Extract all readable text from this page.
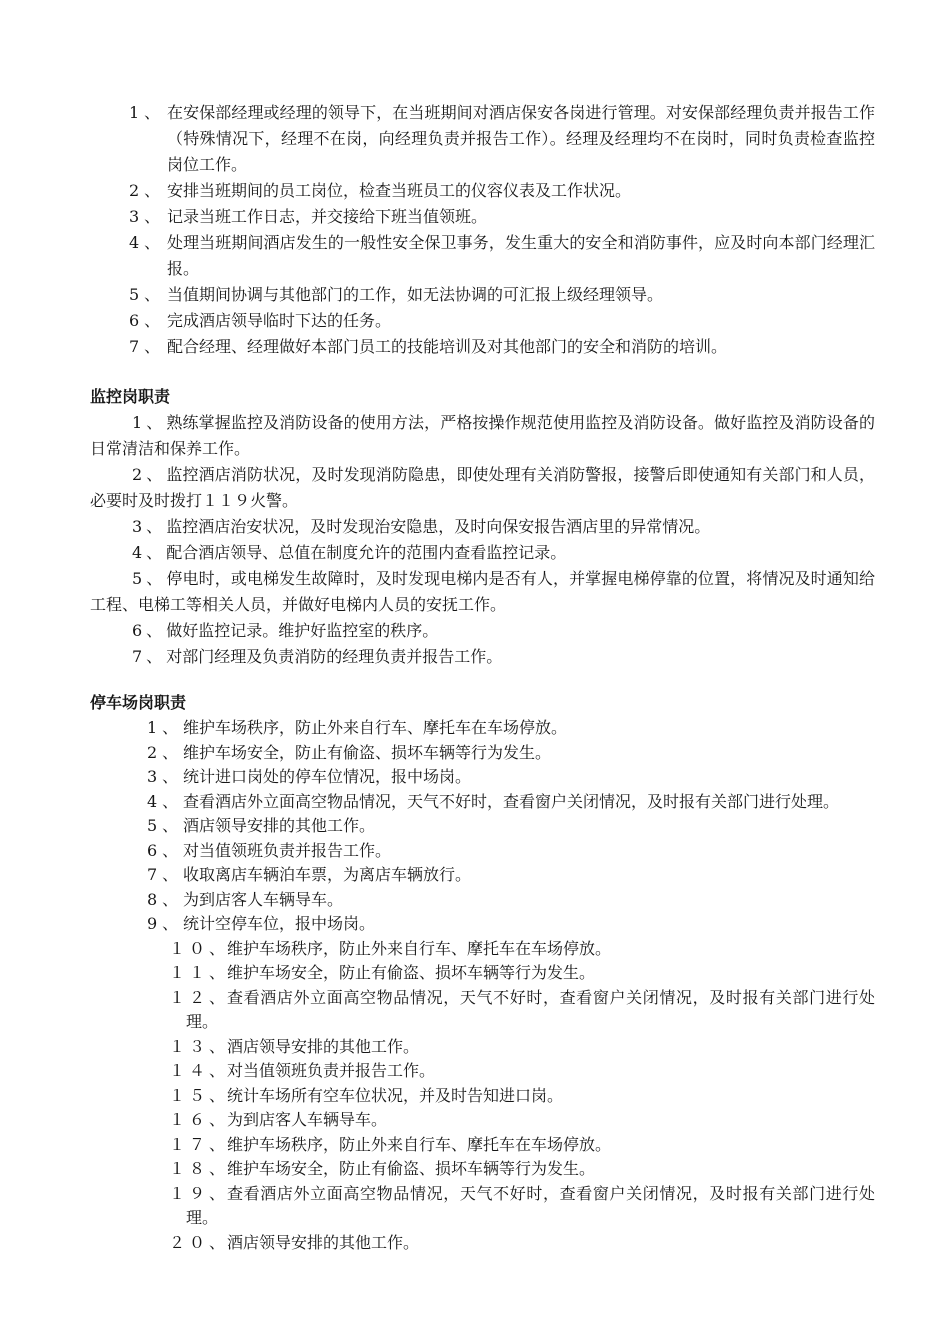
1、 在安保部经理或经理的领导下，在当班期间对酒店保安各岗进行管理。对安保部经理负责并报告工作（特殊情况下，经理不在岗，向经理负责并报告工作）。经理及经理均不在岗时，同时负责检查监控岗位工作。
2、 安排当班期间的员工岗位，检查当班员工的仪容仪表及工作状况。
3、 记录当班工作日志，并交接给下班当值领班。
4、 处理当班期间酒店发生的一般性安全保卫事务，发生重大的安全和消防事件，应及时向本部门经理汇报。
5、 当值期间协调与其他部门的工作，如无法协调的可汇报上级经理领导。
6、 完成酒店领导临时下达的任务。
7、 配合经理、经理做好本部门员工的技能培训及对其他部门的安全和消防的培训。
监控岗职责
1、熟练掌握监控及消防设备的使用方法，严格按操作规范使用监控及消防设备。做好监控及消防设备的日常清洁和保养工作。
2、监控酒店消防状况，及时发现消防隐患，即使处理有关消防警报，接警后即使通知有关部门和人员，必要时及时拨打１１９火警。
3、监控酒店治安状况，及时发现治安隐患，及时向保安报告酒店里的异常情况。
4、配合酒店领导、总值在制度允许的范围内查看监控记录。
5、停电时，或电梯发生故障时，及时发现电梯内是否有人，并掌握电梯停靠的位置，将情况及时通知给工程、电梯工等相关人员，并做好电梯内人员的安抚工作。
6、做好监控记录。维护好监控室的秩序。
7、对部门经理及负责消防的经理负责并报告工作。
停车场岗职责
1、 维护车场秩序，防止外来自行车、摩托车在车场停放。
2、 维护车场安全，防止有偷盗、损坏车辆等行为发生。
3、 统计进口岗处的停车位情况，报中场岗。
4、 查看酒店外立面高空物品情况，天气不好时，查看窗户关闭情况，及时报有关部门进行处理。
5、 酒店领导安排的其他工作。
6、 对当值领班负责并报告工作。
7、 收取离店车辆泊车票，为离店车辆放行。
8、 为到店客人车辆导车。
9、 统计空停车位，报中场岗。
１０、
维护车场秩序，防止外来自行车、摩托车在车场停放。
１１、
维护车场安全，防止有偷盗、损坏车辆等行为发生。
１２、
查看酒店外立面高空物品情况，天气不好时，查看窗户关闭情况，及时报有关部门进行处理。
１３、
酒店领导安排的其他工作。
１４、
对当值领班负责并报告工作。
１５、
统计车场所有空车位状况，并及时告知进口岗。
１６、
为到店客人车辆导车。
１７、
维护车场秩序，防止外来自行车、摩托车在车场停放。
１８、
维护车场安全，防止有偷盗、损坏车辆等行为发生。
１９、
查看酒店外立面高空物品情况，天气不好时，查看窗户关闭情况，及时报有关部门进行处理。
２０、
酒店领导安排的其他工作。
